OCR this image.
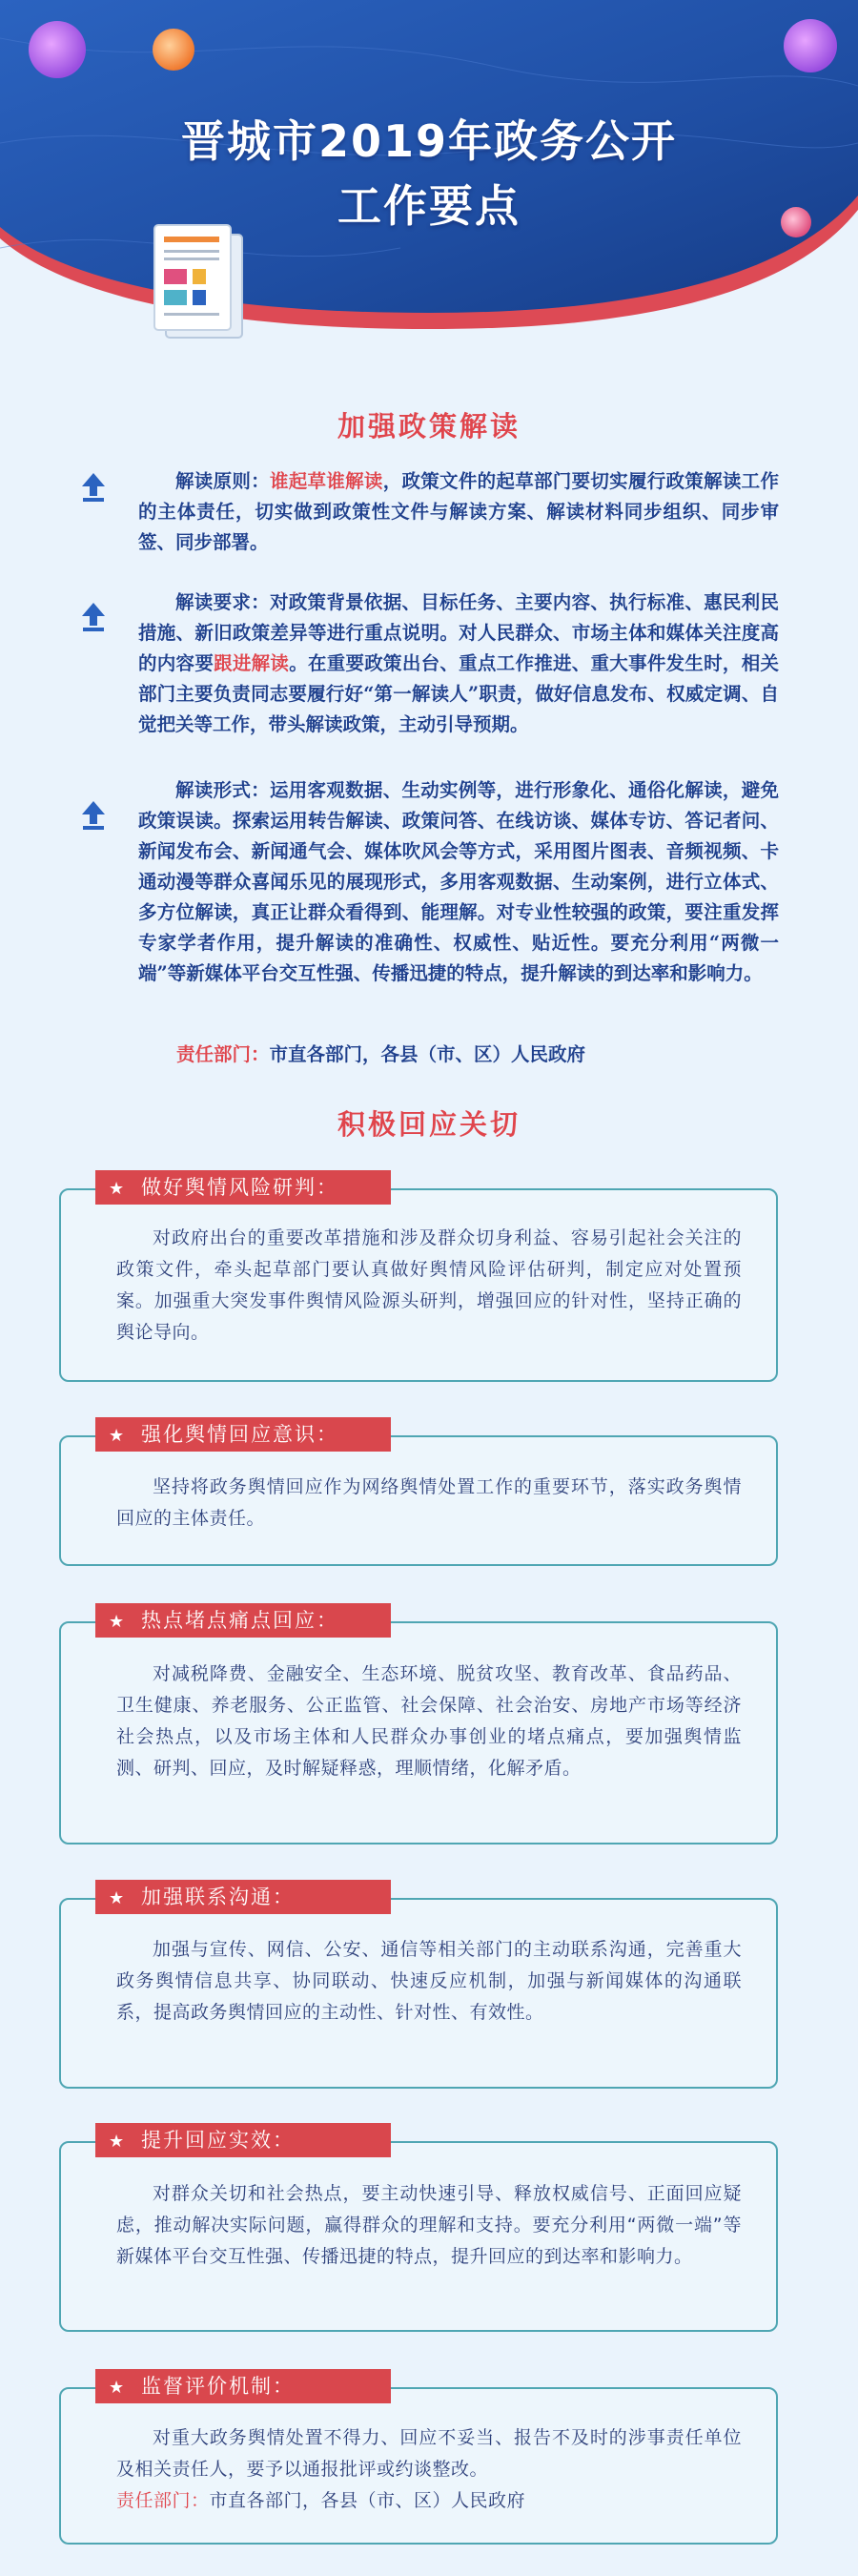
晋城市2019年政务公开
工作要点
加强政策解读
解读原则：谁起草谁解读，政策文件的起草部门要切实履行政策解读工作的主体责任，切实做到政策性文件与解读方案、解读材料同步组织、同步审签、同步部署。
解读要求：对政策背景依据、目标任务、主要内容、执行标准、惠民利民措施、新旧政策差异等进行重点说明。对人民群众、市场主体和媒体关注度高的内容要跟进解读。在重要政策出台、重点工作推进、重大事件发生时，相关部门主要负责同志要履行好“第一解读人”职责，做好信息发布、权威定调、自觉把关等工作，带头解读政策，主动引导预期。
解读形式：运用客观数据、生动实例等，进行形象化、通俗化解读，避免政策误读。探索运用转告解读、政策问答、在线访谈、媒体专访、答记者问、新闻发布会、新闻通气会、媒体吹风会等方式，采用图片图表、音频视频、卡通动漫等群众喜闻乐见的展现形式，多用客观数据、生动案例，进行立体式、多方位解读，真正让群众看得到、能理解。对专业性较强的政策，要注重发挥专家学者作用，提升解读的准确性、权威性、贴近性。要充分利用“两微一端”等新媒体平台交互性强、传播迅捷的特点，提升解读的到达率和影响力。
责任部门：市直各部门，各县（市、区）人民政府
积极回应关切
★ 做好舆情风险研判：
对政府出台的重要改革措施和涉及群众切身利益、容易引起社会关注的政策文件，牵头起草部门要认真做好舆情风险评估研判，制定应对处置预案。加强重大突发事件舆情风险源头研判，增强回应的针对性，坚持正确的舆论导向。
★ 强化舆情回应意识：
坚持将政务舆情回应作为网络舆情处置工作的重要环节，落实政务舆情回应的主体责任。
★ 热点堵点痛点回应：
对减税降费、金融安全、生态环境、脱贫攻坚、教育改革、食品药品、卫生健康、养老服务、公正监管、社会保障、社会治安、房地产市场等经济社会热点，以及市场主体和人民群众办事创业的堵点痛点，要加强舆情监测、研判、回应，及时解疑释惑，理顺情绪，化解矛盾。
★ 加强联系沟通：
加强与宣传、网信、公安、通信等相关部门的主动联系沟通，完善重大政务舆情信息共享、协同联动、快速反应机制，加强与新闻媒体的沟通联系，提高政务舆情回应的主动性、针对性、有效性。
★ 提升回应实效：
对群众关切和社会热点，要主动快速引导、释放权威信号、正面回应疑虑，推动解决实际问题，赢得群众的理解和支持。要充分利用“两微一端”等新媒体平台交互性强、传播迅捷的特点，提升回应的到达率和影响力。
★ 监督评价机制：
对重大政务舆情处置不得力、回应不妥当、报告不及时的涉事责任单位及相关责任人，要予以通报批评或约谈整改。
责任部门：市直各部门，各县（市、区）人民政府
